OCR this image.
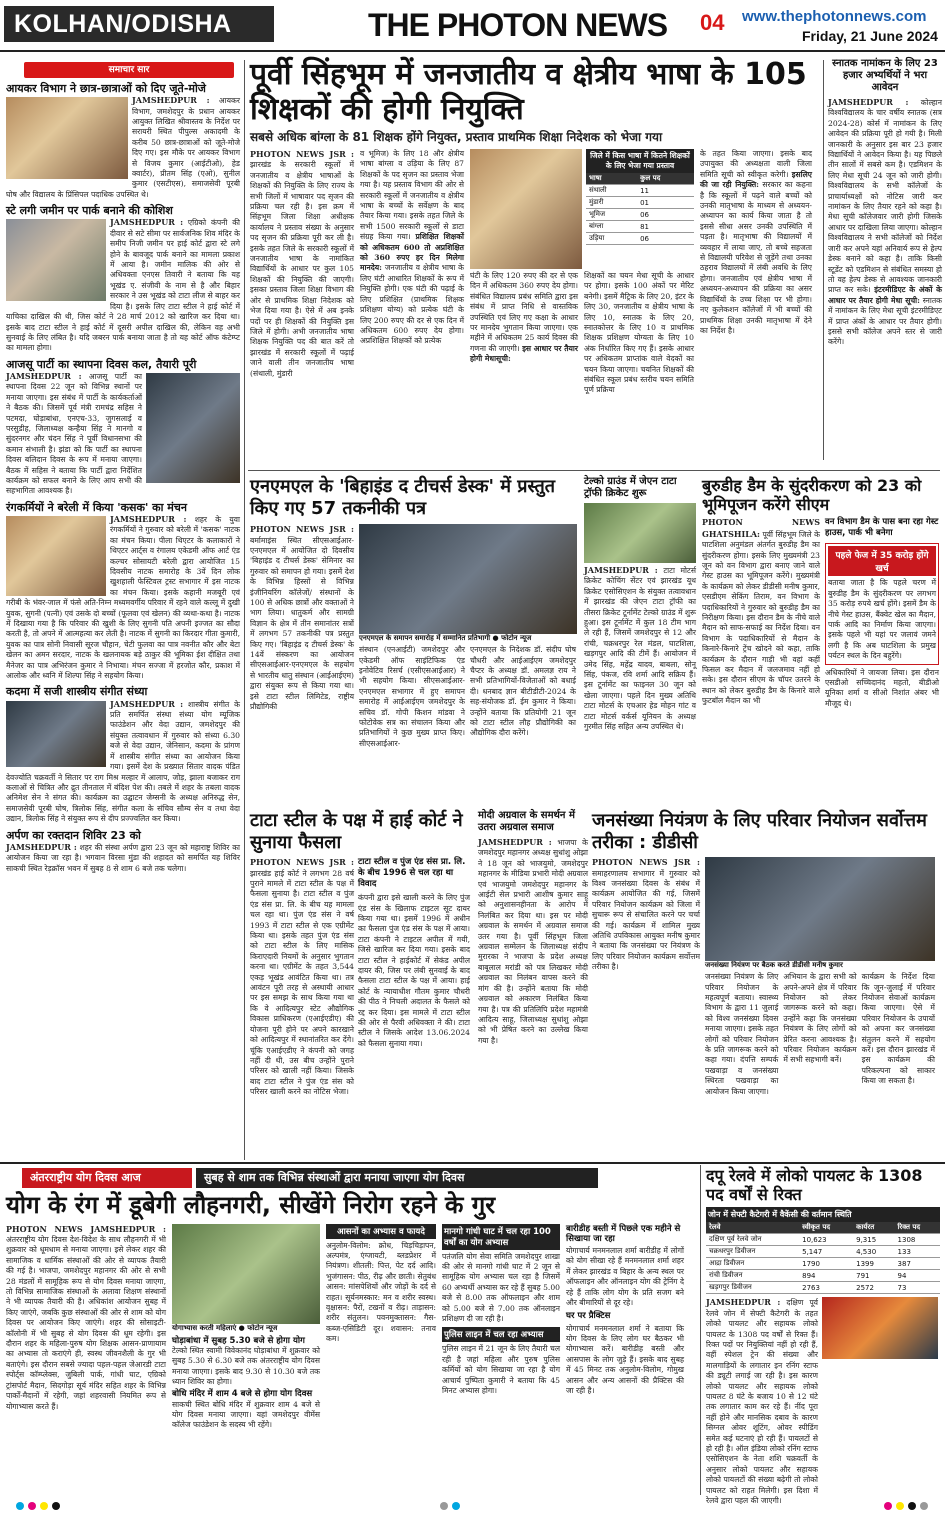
KOLHAN/ODISHA	THE PHOTON NEWS 04 www.thephotonnews.com
Friday, 21 June 2024
समाचार सार
आयकर विभाग ने छात्र-छात्राओं को दिए जूते-मोजे
JAMSHEDPUR : आयकर विभाग, जमशेदपुर के प्रधान आयकर आयुक्त लिखित श्रीवास्तव के निर्देश पर सरायरी स्थित पीपुल्स अकादमी के करीब 50 छात्र-छात्राओं को जूते-मोजे दिए गए। इस मौके पर आयकर विभाग से विजय कुमार (आईटीओ), हेड क्वार्टर), प्रीतम सिंह (एओ), सुनील कुमार (एसटीएस), समाजसेवी पूरबी घोष और विद्यालय के प्रिंसिपल पदाधिक उपस्थित थे।
स्टे लगी जमीन पर पार्क बनाने की कोशिश
JAMSHEDPUR : एग्रिको कंपनी की दीवार से सटे सीमा पर सार्वजनिक शिव मंदिर के समीप निजी जमीन पर हाई कोर्ट द्वारा स्टे लगे होने के बावजूद पार्क बनाने का मामला प्रकाश में आया है। जमीन मालिक की ओर से अधिवक्ता एनएस तिवारी ने बताया कि यह भूखंड ए. संजीवी के नाम से है और बिहार सरकार ने उस भूखंड को टाटा लीज से बाहर कर दिया है। इसके लिए टाटा स्टील ने हाई कोर्ट में याचिका दाखिल की थी, जिस कोर्ट ने 28 मार्च 2012 को खारिज कर दिया था। इसके बाद टाटा स्टील ने हाई कोर्ट में दूसरी अपील दाखिल की, लेकिन वह अभी सुनवाई के लिए लंबित है। यदि जबरन पार्क बनाया जाता है तो यह कोर्ट ऑफ कंटेम्प्ट का मामला होगा।
आजसू पार्टी का स्थापना दिवस कल, तैयारी पूरी
JAMSHEDPUR : आजसू पार्टी का स्थापना दिवस 22 जून को विभिन्न स्थानों पर मनाया जाएगा। इस संबंध में पार्टी के कार्यकर्ताओं ने बैठक की। जिसमें पूर्व मंत्री रामचंद्र सहिस ने पटमदा, घोड़ाबांधा, एनएच-33, जुगसलाई व परसुडीह, जिलाध्यक्ष कन्हैया सिंह ने मानगो व सुंदरनगर और चंदन सिंह ने पूर्वी विधानसभा की कमान संभाली है। झंडा को कि पार्टी का स्थापना दिवस बलिदान दिवस के रूप में मनाया जाएगा। बैठक में सहिस ने बताया कि पार्टी द्वारा निर्देशित कार्यक्रम को सफल बनाने के लिए आप सभी की सहभागिता आवश्यक है।
रंगकर्मियों ने बरेली में किया 'कसक' का मंचन
JAMSHEDPUR : शहर के युवा रंगकर्मियों ने गुरुवार को बरेली में 'कसक' नाटक का मंचन किया। पीला थिएटर के कलाकारों ने थिएटर आर्ट्स व रंगालय एकेडमी ऑफ आर्ट एंड कल्चर सोसायटी बरेली द्वारा आयोजित 15 दिवसीय नाटक समारोह के 3वें दिन लोक खुशहाली फेस्टिवल ट्रस्ट सभागार में इस नाटक का मंचन किया। इसके कहानी मजबूरी एवं गरीबी के भंवर-जाल में फंसे अति-निम्न मध्यमवर्गीय परिवार में रहने वाले कल्लू में दुखी युवक, सुगनी (पत्नी) एवं उसके दो बच्चों (फूलवा एवं खेलन) की व्यथा-कथा है। नाटक में दिखाया गया है कि परिवार की खुशी के लिए सुगनी पति अपनी इज्जत का सौदा करती है, तो अपने में आत्महत्या कर लेती है। नाटक में सुगनी का किरदार गीता कुमारी, युवक का पात्र सोनी निवासी सूरज चौहान, चेटी फुलवा का पात्र नवनीत कौर और बेटा खेलन का अमन सरदार, नाटक के खलनायक बड़े ठाकुर की भूमिका ईश दीक्षित तथा मैनेजर का पात्र अभिरंजन कुमार ने निभाया। मंचन सज्जा में हरजोत कौर, प्रकाश में आलोक और ध्वनि में शिल्पा सिंह ने सहयोग किया।
कदमा में सजी शास्त्रीय संगीत संध्या
JAMSHEDPUR : शास्त्रीय संगीत के प्रति समर्पित संस्था संध्या योग म्यूजिक फाउंडेशन और वेदा उद्यान, जमशेदपुर की संयुक्त तत्वावधान में गुरुवार को संध्या 6.30 बजे से वेदा उद्यान, जेनिसान, कदमा के प्रांगण में शास्त्रीय संगीत संध्या का आयोजन किया गया। इसमें देश के प्रख्यात सितार वादक पंडित देवज्योति चक्रवर्ती ने सितार पर राग मिश्र मल्हार में आलाप, जोड़, झाला बजाकर राग कलाओं से चित्रित और द्रुत तीनताल में बंदिश पेश की। तबले में शहर के तबला वादक अनिमेश सेन ने संगत की। कार्यक्रम का उद्घाटन जेम्सनी के अध्यक्ष अनिरुद्ध सेन, समाजसेवी पूरबी घोष, त्रिलोक सिंह, संगीत कला के संचिव सौम्य सेन व तथा वेदा उद्यान, त्रिलोक सिंह ने संयुक्त रूप से दीप प्रज्ज्वलित कर किया।
अर्पण का रक्तदान शिविर 23 को
JAMSHEDPUR : शहर की संस्था अर्पण द्वारा 23 जून को महाराष्ट्र शिविर का आयोजन किया जा रहा है। भगवान विरसा मुंडा की शहादत को समर्पित यह शिविर साकची स्थित रेड़क्रॉस भवन में सुबह 8 से शाम 6 बजे तक चलेगा।
पूर्वी सिंहभूम में जनजातीय व क्षेत्रीय भाषा के 105 शिक्षकों की होगी नियुक्ति
सबसे अधिक बांग्ला के 81 शिक्षक होंगे नियुक्त, प्रस्ताव प्राथमिक शिक्षा निदेशक को भेजा गया
PHOTON NEWS JSR : झारखंड के सरकारी स्कूलों में जनजातीय व क्षेत्रीय भाषाओं के शिक्षकों की नियुक्ति के लिए राज्य के सभी जिलों में भाषावार पद सृजन की प्रक्रिया चल रही है। इस क्रम में सिंहभूम जिला शिक्षा अधीक्षक कार्यालय ने प्रस्ताव संख्या के अनुसार पद सृजन की प्रक्रिया पूरी कर ली है। इसके तहत जिले के सरकारी स्कूलों में जनजातीय भाषा के नामांकित विद्यार्थियों के आधार पर कुल 105 शिक्षकों की नियुक्ति की जाएगी। इसका प्रस्ताव जिला शिक्षा विभाग की ओर से प्राथमिक शिक्षा निदेशक को भेज दिया गया है। ऐसे में अब इनके पदों पर ही शिक्षकों की नियुक्ति इस जिले में होगी। अभी जनजातीय भाषा शिक्षक नियुक्ति पद की बात करें तो झारखंड में सरकारी स्कूलों में पढ़ाई जाने वाली तीन जनजातीय भाषा (संथाली, मुंडारी
व भूमिज) के लिए 18 और क्षेत्रीय भाषा बांग्ला व उड़िया के लिए 87 शिक्षकों के पद सृजन का प्रस्ताव भेजा गया है। यह प्रस्ताव विभाग की ओर से सरकारी स्कूलों में जनजातीय व क्षेत्रीय भाषा के बच्चों के सर्वेक्षण के बाद तैयार किया गया। इसके तहत जिले के सभी 1500 सरकारी स्कूलों से डाटा संग्रह किया गया। प्रशिक्षित शिक्षकों को अधिकतम 600 तो अप्रशिक्षित को 360 रुपए हर दिन मिलेगा मानदेय: जनजातीय व क्षेत्रीय भाषा के लिए घंटी आधारित शिक्षकों के रूप में नियुक्ति होगी। एक घंटी की पढ़ाई के लिए प्रशिक्षित (प्राथमिक शिक्षक प्रशिक्षण योग्य) को प्रत्येक घंटी के लिए 200 रुपए की दर से एक दिन में अधिकतम 600 रुपए देय होगा। अप्रशिक्षित शिक्षकों को प्रत्येक
जिले में किस भाषा में कितने शिक्षकों के लिए भेजा गया प्रस्ताव
भाषा	कुल पद
संथाली	11
मुंडारी	01
भूमिज	06
बांग्ला	81
उड़िया	06
घंटी के लिए 120 रुपए की दर से एक दिन में अधिकतम 360 रुपए देय होगा। संबंधित विद्यालय प्रबंध समिति द्वारा इस संबंध में प्राप्त निधि से वास्तविक उपस्थिति एवं लिए गए कक्षा के आधार पर मानदेय भुगतान किया जाएगा। एक महीने में अधिकतम 25 कार्य दिवस की गणना की जाएगी। इस आधार पर तैयार होगी मेधासूची:
शिक्षकों का चयन मेधा सूची के आधार पर होगा। इसके 100 अंकों पर मेरिट बनेगी। इसमें मैट्रिक के लिए 20, इंटर के लिए 30, जनजातीय व क्षेत्रीय भाषा के लिए 10, स्नातक के लिए 20, स्नातकोत्तर के लिए 10 व प्राथमिक शिक्षक प्रशिक्षण योग्यता के लिए 10 अंक निर्धारित किए गए हैं। इसके आधार पर अधिकतम प्राप्तांक वाले वेदकों का चयन किया जाएगा। चयनित शिक्षकों की संबंधित स्कूल प्रबंध स्तरीय चयन समिति पूर्ण प्रक्रिया
के तहत किया जाएगा। इसके बाद उपायुक्त की अध्यक्षता वाली जिला समिति सूची को स्वीकृत करेगी। इसलिए की जा रही नियुक्ति: सरकार का कहना है कि स्कूलों में पढ़ने वाले बच्चों को उनकी मातृभाषा के माध्यम से अध्ययन-अध्यापन का कार्य किया जाता है तो इससे सीधा असर उनकी उपस्थिति में पड़ता है। मातृभाषा की विद्यालयों में व्यवहार में लाया जाए, तो बच्चे सहजता से विद्यालयी परिवेश से जुड़ेंगे तथा उनका ठहराव विद्यालयों में लंबी अवधि के लिए होगा। जनजातीय एवं क्षेत्रीय भाषा में अध्ययन-अध्यापन की प्रक्रिया का असर विद्यार्थियों के उच्च शिक्षा पर भी होगा। नए कुलेकशन कॉलेजों में भी बच्चों की प्राथमिक शिक्षा उनकी मातृभाषा में देने का निर्देश है।
स्नातक नामांकन के लिए 23 हजार अभ्यर्थियों ने भरा आवेदन
JAMSHEDPUR : कोल्हान विश्वविद्यालय के चार वर्षीय स्नातक (सत्र 2024-28) कोर्स में नामांकन के लिए आवेदन की प्रक्रिया पूरी हो गयी है। मिली जानकारी के अनुसार इस बार 23 हजार विद्यार्थियों ने आवेदन किया है। यह पिछले तीन सालों में सबसे कम है। एडमिशन के लिए मेधा सूची 24 जून को जारी होगी। विश्वविद्यालय के सभी कॉलेजों के प्राचार्याध्यक्षों को नोटिस जारी कर नामांकन के लिए तैयार रहने को कहा है। मेधा सूची कॉलेजवार जारी होगी जिसके आधार पर दाखिला लिया जाएगा। कोल्हान विश्वविद्यालय ने सभी कॉलेजों को निर्देश जारी कर अपने यहां अनिवार्य रूप से हेल्प डेस्क बनाने को कहा है। ताकि किसी स्टूडेंट को एडमिशन से संबंधित समस्या हो तो वह हेल्प डेस्क से आवश्यक जानकारी प्राप्त कर सके। इंटरमीडिएट के अंकों के आधार पर तैयार होगी मेधा सूची: स्नातक में नामांकन के लिए मेधा सूची इंटरमीडिएट में प्राप्त अंकों के आधार पर तैयार होगी। इससे सभी कॉलेज अपने स्तर से जारी करेंगे।
एनएमएल के 'बिहाइंड द टीचर्स डेस्क' में प्रस्तुत किए गए 57 तकनीकी पत्र
PHOTON NEWS JSR : बर्मामाइंस स्थित सीएसआईआर-एनएमएल में आयोजित दो दिवसीय 'बिहाइंड द टीचर्स डेस्क' सेमिनार का गुरुवार को समापन हो गया। इसमें देश के विभिन्न हिस्सों से विभिन्न इंजीनियरिंग कॉलेजों/ संस्थानों के 100 से अधिक छात्रों और वक्ताओं ने भाग लिया। धातुकर्म और सामग्री विज्ञान के क्षेत्र में तीन समानांतर सत्रों में लगभग 57 तकनीकी पत्र प्रस्तुत किए गए। 'बिहाइंड द टीचर्स डेस्क' के 14वें संस्करण का आयोजन सीएसआईआर-एनएमएल के सहयोग से भारतीय धातु संस्थान (आईआईएम) द्वारा संयुक्त रूप से किया गया था। इसे टाटा स्टील लिमिटेड, राष्ट्रीय प्रौद्योगिकी
एनएमएल के समापन समारोह में सम्मानित प्रतिभागी ● फोटोन न्यूज
संस्थान (एनआईटी) जमशेदपुर और एकेडमी ऑफ साइंटिफिक एंड इनोवेटिव रिसर्च (एसीएसआईआर) ने भी सहयोग किया। सीएसआईआर-एनएमएल सभागार में हुए समापन समारोह में आईआईएम जमशेदपुर के सचिव डॉ. गोपी किशन मांडवा ने फोटोवेक सत्र का संचालन किया और प्रतिभागियों ने कुछ मुख्य प्राप्त किए। सीएसआईआर-
एनएमएल के निदेशक डॉ. संदीप घोष चौधरी और आईआईएम जमशेदपुर चैप्टर के अध्यक्ष डॉ. अमलज्ञ राय ने सभी प्रतिभागियों-विजेताओं को बधाई दी। धनबाद ज्ञान बीटीडीटी-2024 के सह-संयोजक डॉ. ईम कुमार ने किया। उन्होंने बताया कि प्रतियोगी 21 जून को टाटा स्टील लौह प्रौद्योगिकी का औद्योगिक दौरा करेंगे।
टेल्को ग्राउंड में जेएन टाटा ट्रॉफी क्रिकेट शुरू
JAMSHEDPUR : टाटा मोटर्स क्रिकेट कोचिंग सेंटर एवं झारखंड यूथ क्रिकेट एसोसिएशन के संयुक्त तत्वावधान में झारखंड की जेएन टाटा ट्रॉफी का तीसरा क्रिकेट टूर्नामेंट टेल्को ग्राउंड में शुरू हुआ। इस टूर्नामेंट में कुल 18 टीम भाग ले रही हैं, जिसमें जमशेदपुर से 12 और रांची, चक्रधरपुर रेल मंडल, घाटशिला, खड़गपुर आदि की टीमें हैं। आयोजन में उमेद सिंह, महेंद्र यादव, बाबला, सोनू सिंह, पंकज, रवि शर्मा आदि सक्रिय हैं। इस टूर्नामेंट का फाइनल 30 जून को खेला जाएगा। पहले दिन मुख्य अतिथि टाटा मोटर्स के एचआर हेड मोहन गांट व टाटा मोटर्स वर्कर्स यूनियन के अध्यक्ष गुरमीत सिंह सहित अन्य उपस्थित थे।
बुरुडीह डैम के सुंदरीकरण को 23 को भूमिपूजन करेंगे सीएम
PHOTON NEWS GHATSHILA: पूर्वी सिंहभूम जिले के घाटशिला अनुमंडल अंतर्गत बुरुडीह डैम का सुंदरीकरण होगा। इसके लिए मुख्यमंत्री 23 जून को वन विभाग द्वारा बनाए जाने वाले गेस्ट हाउस का भूमिपूजन करेंगे। मुख्यमंत्री के कार्यक्रम को लेकर डीडीसी मनीष कुमार, एसडीएम सेकिंग तिराम, वन विभाग के पदाधिकारियों ने गुरुवार को बुरुडीह डैम का निरीक्षण किया। इस दौरान डैम के नीचे वाले मैदान को साफ-सफाई का निर्देश दिया। वन विभाग के पदाधिकारियों से मैदान के किनारे-किनारे ट्रेंच खोदने को कहा, ताकि कार्यक्रम के दौरान गाड़ी भी वहां कहीं फिसल कर मैदान में जलजमाव नहीं हो सके। इस दौरान सीएम के चॉपर उतरने के स्थान को लेकर बुरुडीह डैम के किनारे वाले फुटबॉल मैदान का भी
वन विभाग डैम के पास बना रहा गेस्ट हाउस, पार्क भी बनेगा
पहले फेज में 35 करोड़ होंगे खर्च
बताया जाता है कि पहले चरण में बुरुडीह डैम के सुंदरीकरण पर लगभग 35 करोड़ रुपये खर्च होंगे। इसमें डैम के नीचे गेस्ट हाउस, बैंक्वेट खेल का मैदान, पार्क आदि का निर्माण किया जाएगा। इसके पहले भी यहां पर जलावं जमने लगी है कि अब घाटशिला के प्रमुख पर्यटन स्थल के दिन बहुरेंगे।
अधिकारियों ने जायजा लिया। इस दौरान एसडीओ सच्चिदानंद महतो, बीडीओ यूनिका शर्मा व सीओ निशांत अंबर भी मौजूद थे।
टाटा स्टील के पक्ष में हाई कोर्ट ने सुनाया फैसला
PHOTON NEWS JSR : झारखंड हाई कोर्ट ने लगभग 28 वर्ष पुराने मामले में टाटा स्टील के पक्ष में फैसला सुनाया है। टाटा स्टील व पुंज एंड संस प्रा. लि. के बीच यह मामला चल रहा था। पुंज एंड संस ने वर्ष 1993 में टाटा स्टील से एक एग्रीमेंट किया था। इसके तहत पुंज एंड संस को टाटा स्टील के लिए मासिक किराएदारी नियमों के अनुसार भुगतान करना था। एग्रीमेंट के तहत 3,544 एकड़ भूखंड आवंटित किया था। तत्र आवंटन पूरी तरह से अस्थायी आधार पर इस समझ के साथ किया गया था कि वे आदित्यपुर स्टेट औद्योगिक विकास प्राधिकरण (एआईएडीए) की योजना पूरी होने पर अपने कारखाने को आदित्यपुर में स्थानांतरित कर देंगे। चूंकि एआईएडीए ने कंपनी को जगह नहीं दी थी, उस बीच उन्होंने पुराने परिसर को खाली नहीं किया। जिसके बाद टाटा स्टील ने पुंज एंड संस को परिसर खाली करने का नोटिस भेजा।
टाटा स्टील व पुंज एंड संस प्रा. लि. के बीच 1996 से चल रहा था विवाद
कंपनी द्वारा इसे खाली करने के लिए पुंज एंड संस के खिलाफ टाइटल सूट दायर किया गया था। इसमें 1996 में अधीन का फैसला पुंज एंड संस के पक्ष में आया। टाटा कंपनी ने टाइटल अपील में गयी, जिसे खारिज कर दिया गया। इसके बाद टाटा स्टील ने हाईकोर्ट में सेकंड अपील दायर की, जिस पर लंबी सुनवाई के बाद फैसला टाटा स्टील के पक्ष में आया। हाई कोर्ट के न्यायाधीश गौतम कुमार चौधरी की पीठ ने निचली अदालत के फैसले को रद्द कर दिया। इस मामले में टाटा स्टील की ओर से पैरवी अधिवक्ता ने की। टाटा स्टील ने जिसके आदेश 13.06.2024 को फैसला सुनाया गया।
मोदी अग्रवाल के समर्थन में उतरा अग्रवाल समाज
JAMSHEDPUR : भाजपा के जमशेदपुर महानगर अध्यक्ष सुधांशु ओझा ने 18 जून को भाजयुमो, जमशेदपुर महानगर के मीडिया प्रभारी मोदी अग्रवाल एवं भाजयुमो जमशेदपुर महानगर के आईटी सेल प्रभारी आशीष कुमार साहू को अनुशासनहीनता के आरोप में निलंबित कर दिया था। इस पर मोदी अग्रवाल के समर्थन में अग्रवाल समाज उतर गया है। पूर्वी सिंहभूम जिला अग्रवाल सम्मेलन के जिलाध्यक्ष संदीप मुरारका ने भाजपा के प्रदेश अध्यक्ष बाबूलाल मरांडी को पत्र लिखकर मोदी अग्रवाल का निलंबन वापस करने की मांग की है। उन्होंने बताया कि मोदी अग्रवाल को अकारण निलंबित किया गया है। पत्र की प्रतिलिपि प्रदेश महामंत्री आदित्य साहू, जिलाध्यक्ष सुधांशु ओझा को भी प्रेषित करने का उल्लेख किया गया है।
जनसंख्या नियंत्रण के लिए परिवार नियोजन सर्वोत्तम तरीका : डीडीसी
PHOTON NEWS JSR : समाहरणालय सभागार में गुरुवार को विश्व जनसंख्या दिवस के संबंध में कार्यक्रम आयोजित की गई, जिसमें परिवार नियोजन कार्यक्रम को जिला में सुचारू रूप से संचालित करने पर चर्चा की गई। कार्यक्रम में शामिल मुख्य अतिथि उपविकास आयुक्त मनीष कुमार ने बताया कि जनसंख्या पर नियंत्रण के लिए परिवार नियोजन कार्यक्रम सर्वोत्तम तरीका है।	जनसंख्या नियंत्रण पर बैठक करते डीडीसी मनीष कुमार
जनसंख्या नियंत्रण के लिए परिवार नियोजन के महत्वपूर्ण बताया। स्वास्थ्य विभाग के द्वारा 11 जुलाई को विश्व जनसंख्या दिवस मनाया जाएगा। इसके तहत लोगों को परिवार नियोजन के प्रति जागरूक करने को कहा गया। दंपत्ति सम्पर्क पखवाड़ा व जनसंख्या स्थिरता पखवाड़ा का आयोजन किया जाएगा।
अभियान के द्वारा सभी को अपने-अपने क्षेत्र में परिवार नियोजन को लेकर जागरूक करने को कहा। उन्होंने कहा कि जनसंख्या नियंत्रण के लिए लोगों को प्रेरित करना आवश्यक है। परिवार नियोजन कार्यक्रम में सभी सहभागी बनें।
कार्यक्रम के निर्देश दिया कि जून-जुलाई में परिवार नियोजन सेवाओं कार्यक्रम किया जाएगा। ऐसे में परिवार नियोजन के उपायों को अपना कर जनसंख्या संतुलन करने में सहयोग करें। इस दौरान झारखंड में इस कार्यक्रम की परिकल्पना को साकार किया जा सकता है।
अंतरराष्ट्रीय योग दिवस आज	सुबह से शाम तक विभिन्न संस्थाओं द्वारा मनाया जाएगा योग दिवस
योग के रंग में डूबेगी लौहनगरी, सीखेंगे निरोग रहने के गुर
PHOTON NEWS JAMSHEDPUR : अंतरराष्ट्रीय योग दिवस देश-विदेश के साथ लौहनगरी में भी शुक्रवार को धूमधाम से मनाया जाएगा। इसे लेकर शहर की सामाजिक व धार्मिक संस्थाओं की ओर से व्यापक तैयारी की गई है। भाजपा, जमशेदपुर महानगर की ओर से सभी 28 मंडलों में सामूहिक रूप से योग दिवस मनाया जाएगा, तो विभिन्न सामाजिक संस्थाओं के अलावा शिक्षण संस्थानों ने भी व्यापक तैयारी की है। अधिकांश आयोजन सुबह में किए जाएंगे, जबकि कुछ संस्थाओं की ओर से शाम को योग दिवस पर आयोजन किए जाएंगे। शहर की सोसाइटी-कॉलोनी में भी सुबह से योग दिवस की धूम रहेगी। इस दौरान शहर के महिला-पुरुष योग शिक्षक आसन-प्राणायाम का अभ्यास तो कराएंगे ही, स्वस्थ जीवनशैली के गुर भी बताएंगे। इस दौरान सबसे ज्यादा पहल-पहल जेआरडी टाटा स्पोर्ट्स कॉम्प्लेक्स, जुबिली पार्क, गांधी घाट, एग्रिको ट्रांसपोर्ट मैदान, सिदगोड़ा सूर्य मंदिर सहित शहर के विभिन्न पार्कों-मैदानों में रहेगी, जहां शहरवासी नियमित रूप से योगाभ्यास करते हैं।
योगाभ्यास करती महिलाएं ● फोटोन न्यूज
घोड़ाबांधा में सुबह 5.30 बजे से होगा योग
टेल्को स्थित स्वामी विवेकानंद घोड़ाबांधा में शुक्रवार को सुबह 5.30 से 6.30 बजे तक अंतरराष्ट्रीय योग दिवस मनाया जाएगा। इसके बाद 9.30 से 10.30 बजे तक ध्यान शिविर का होगा।
बोधि मंदिर में शाम 4 बजे से होगा योग दिवस
साकची स्थित बोधि मंदिर में शुक्रवार शाम 4 बजे से योग दिवस मनाया जाएगा। यहां जमशेदपुर वीमेंस कॉलेज फाउंडेशन के सदस्य भी रहेंगे।
आसनों का अभ्यास व फायदे
अनुलोम-विलोम: क्रोध, चिड़चिड़ापन, अल्पमंत्र, एंग्जायटी, ब्लडप्रेशर में नियंत्रण। शीतली: पित्त, पेट दर्द आदि। भुजंगासन: पीठ, रीढ़ और छाती। सेतुबंध आसन: मांसपेशियों और जोड़ों के दर्द से राहत। सूर्यनमस्कार: मन व शरीर स्वस्थ। वृक्षासन: पैरों, टखनों व रीढ़। ताड़ासन: शरीर संतुलन। पवनमुक्तासन: गैस-कब्ज-एसिडिटी दूर। शवासन: तनाव कम।
मानगो गांधी घाट में चल रहा 100 वर्षों का योग अभ्यास
पतंजलि योग सेवा समिति जमशेदपुर शाखा की ओर से मानगो गांधी घाट में 2 जून से सामूहिक योग अभ्यास चल रहा है जिसमें 60 अभ्यर्थी अभ्यास कर रहे हैं सुबह 5.00 बजे से 8.00 तक ऑफलाइन और शाम को 5.00 बजे से 7.00 तक ऑनलाइन प्रशिक्षण दी जा रही है।
पुलिस लाइन में चल रहा अभ्यास
पुलिस लाइन में 21 जून के लिए तैयारी चल रही है जहां महिला और पुरुष पुलिस कर्मियों को योग सिखाया जा रहा है योग आचार्य पुष्पिता कुमारी ने बताया कि 45 मिनट अभ्यास होगा।
बारीडीह बस्ती में पिछले एक महीने से सिखाया जा रहा
योगाचार्य मनमनलाल शर्मा बारीडीह में लोगों को योग सीखा रहे हैं मनमनलाल शर्मा शहर में लेकर झारखंड व बिहार के अन्य स्थल पर ऑफलाइन और ऑनलाइन योग की ट्रेनिंग दे रहे हैं ताकि लोग योग के प्रति सजग बने और बीमारियों से दूर रहे।
घर पर प्रैक्टिस
योगाचार्य मनमनलाल शर्मा ने बताया कि योग दिवस के लिए लोग घर बैठकर भी योगाभ्यास करें। बारीडीह बस्ती और आसपास के लोग जुड़े हैं। इसके बाद सुबह में 45 मिनट तक अनुलोम-विलोम, गोमुख आसन और अन्य आसनों की प्रैक्टिस की जा रही है।
दपू रेलवे में लोको पायलट के 1308 पद वर्षों से रिक्त
जोन में सेफ्टी कैटेगरी में वैकेंसी की वर्तमान स्थिति
रेलवे	स्वीकृत पद	कार्यरत	रिक्त पद
दक्षिण पूर्व रेलवे जोन	10,623	9,315	1308
चक्रधरपुर डिवीजन	5,147	4,530	133
आद्रा डिवीजन	1790	1399	387
रांची डिवीजन	894	791	94
खड़गपुर डिवीजन	2763	2572	73
JAMSHEDPUR : दक्षिण पूर्व रेलवे जोन में सेफ्टी कैटेगरी के तहत लोको पायलट और सहायक लोको पायलट के 1308 पद वर्षों से रिक्त हैं। रिक्त पदों पर नियुक्तियां नहीं हो रही हैं, वहीं स्पेशल ट्रेन की संख्या और मालगाड़ियों के लगातार इन रनिंग स्टाफ की ड्यूटी लगाई जा रही है। इस कारण लोको पायलट और सहायक लोको पायलट 8 घंटे के बजाय 10 से 12 घंटे तक लगातार काम कर रहे हैं। नींद पूरा नहीं होने और मानसिक दबाव के कारण सिग्नल ओवर शूटिंग, ओवर स्पीडिंग समेत कई घटनाएं हो रही हैं। पायलटों से हो रही है। ऑल इंडिया लोको रनिंग स्टाफ एसोसिएशन के नेता शशि चक्रवर्ती के अनुसार लोको पायलट और सहायक लोको पायलटों की संख्या बढ़ेगी तो लोको पायलट को राहत मिलेगी। इस दिशा में रेलवे द्वारा पहल की जाएगी।
